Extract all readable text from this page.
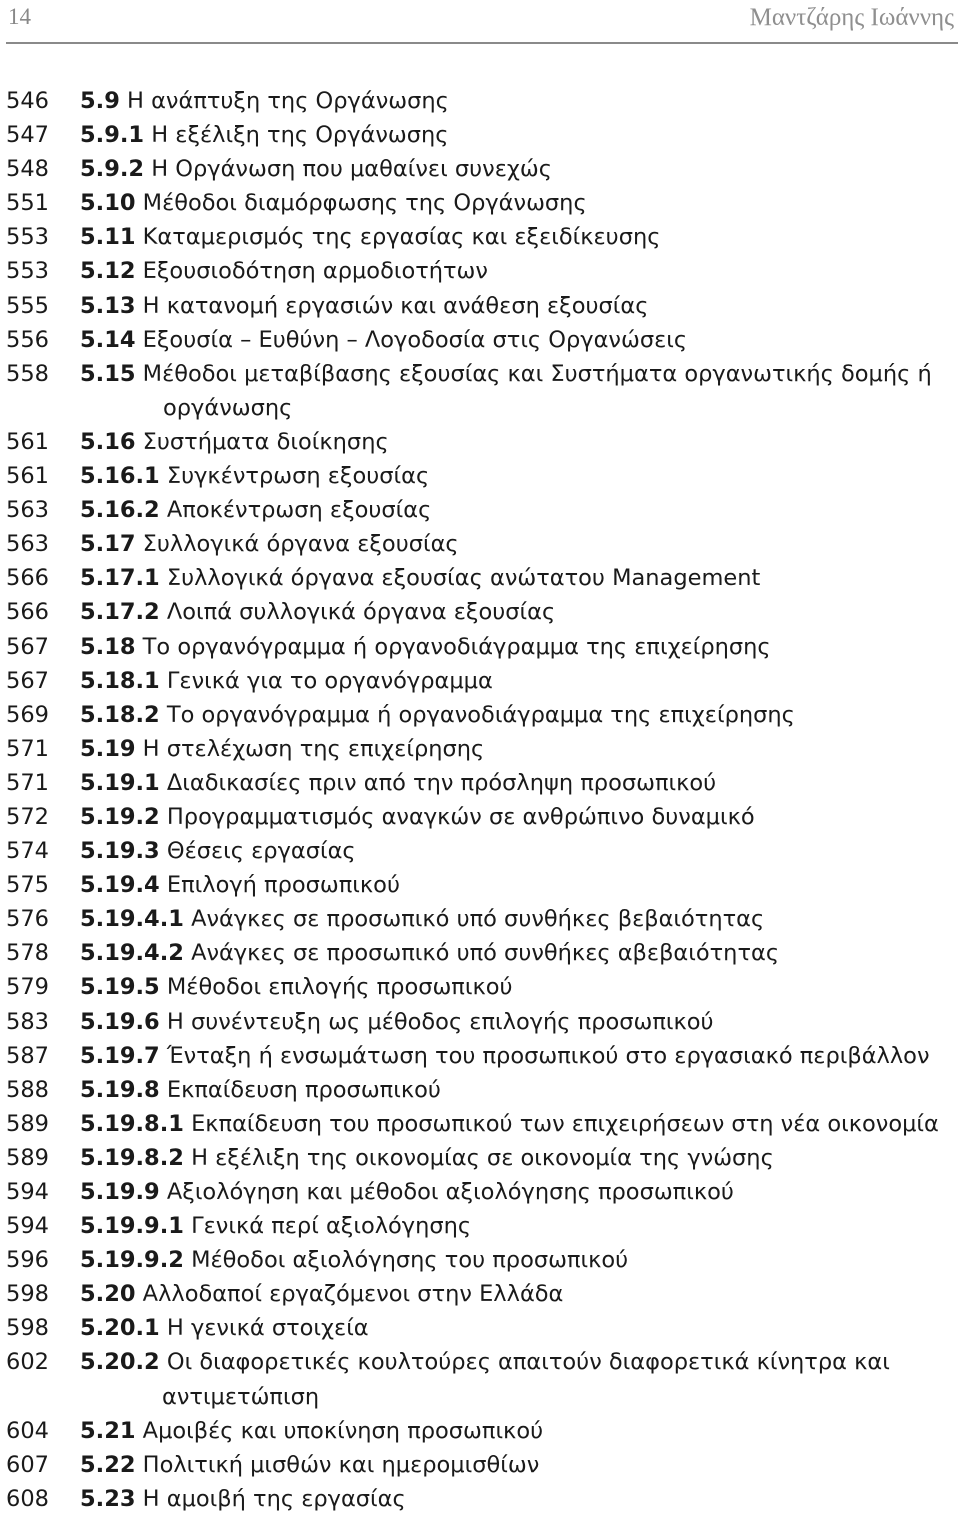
14	Μαντζάρης Ιωάννης
546 5.9 Η ανάπτυξη της Οργάνωσης
547 5.9.1 Η εξέλιξη της Οργάνωσης
548 5.9.2 Η Οργάνωση που μαθαίνει συνεχώς
551 5.10 Μέθοδοι διαμόρφωσης της Οργάνωσης
553 5.11 Καταμερισμός της εργασίας και εξειδίκευσης
553 5.12 Εξουσιοδότηση αρμοδιοτήτων
555 5.13 Η κατανομή εργασιών και ανάθεση εξουσίας
556 5.14 Εξουσία – Ευθύνη – Λογοδοσία στις Οργανώσεις
558 5.15 Μέθοδοι μεταβίβασης εξουσίας και Συστήματα οργανωτικής δομής ή
οργάνωσης
561 5.16 Συστήματα διοίκησης
561 5.16.1 Συγκέντρωση εξουσίας
563 5.16.2 Αποκέντρωση εξουσίας
563 5.17 Συλλογικά όργανα εξουσίας
566 5.17.1 Συλλογικά όργανα εξουσίας ανώτατου Management
566 5.17.2 Λοιπά συλλογικά όργανα εξουσίας
567 5.18 Το οργανόγραμμα ή οργανοδιάγραμμα της επιχείρησης
567 5.18.1 Γενικά για το οργανόγραμμα
569 5.18.2 Το οργανόγραμμα ή οργανοδιάγραμμα της επιχείρησης
571 5.19 Η στελέχωση της επιχείρησης
571 5.19.1 Διαδικασίες πριν από την πρόσληψη προσωπικού
572 5.19.2 Προγραμματισμός αναγκών σε ανθρώπινο δυναμικό
574 5.19.3 Θέσεις εργασίας
575 5.19.4 Επιλογή προσωπικού
576 5.19.4.1 Ανάγκες σε προσωπικό υπό συνθήκες βεβαιότητας
578 5.19.4.2 Ανάγκες σε προσωπικό υπό συνθήκες αβεβαιότητας
579 5.19.5 Μέθοδοι επιλογής προσωπικού
583 5.19.6 Η συνέντευξη ως μέθοδος επιλογής προσωπικού
587 5.19.7 Ένταξη ή ενσωμάτωση του προσωπικού στο εργασιακό περιβάλλον
588 5.19.8 Εκπαίδευση προσωπικού
589 5.19.8.1 Εκπαίδευση του προσωπικού των επιχειρήσεων στη νέα οικονομία
589 5.19.8.2 Η εξέλιξη της οικονομίας σε οικονομία της γνώσης
594 5.19.9 Αξιολόγηση και μέθοδοι αξιολόγησης προσωπικού
594 5.19.9.1 Γενικά περί αξιολόγησης
596 5.19.9.2 Μέθοδοι αξιολόγησης του προσωπικού
598 5.20 Αλλοδαποί εργαζόμενοι στην Ελλάδα
598 5.20.1 Η γενικά στοιχεία
602 5.20.2 Οι διαφορετικές κουλτούρες απαιτούν διαφορετικά κίνητρα και
αντιμετώπιση
604 5.21 Αμοιβές και υποκίνηση προσωπικού
607 5.22 Πολιτική μισθών και ημερομισθίων
608 5.23 Η αμοιβή της εργασίας
